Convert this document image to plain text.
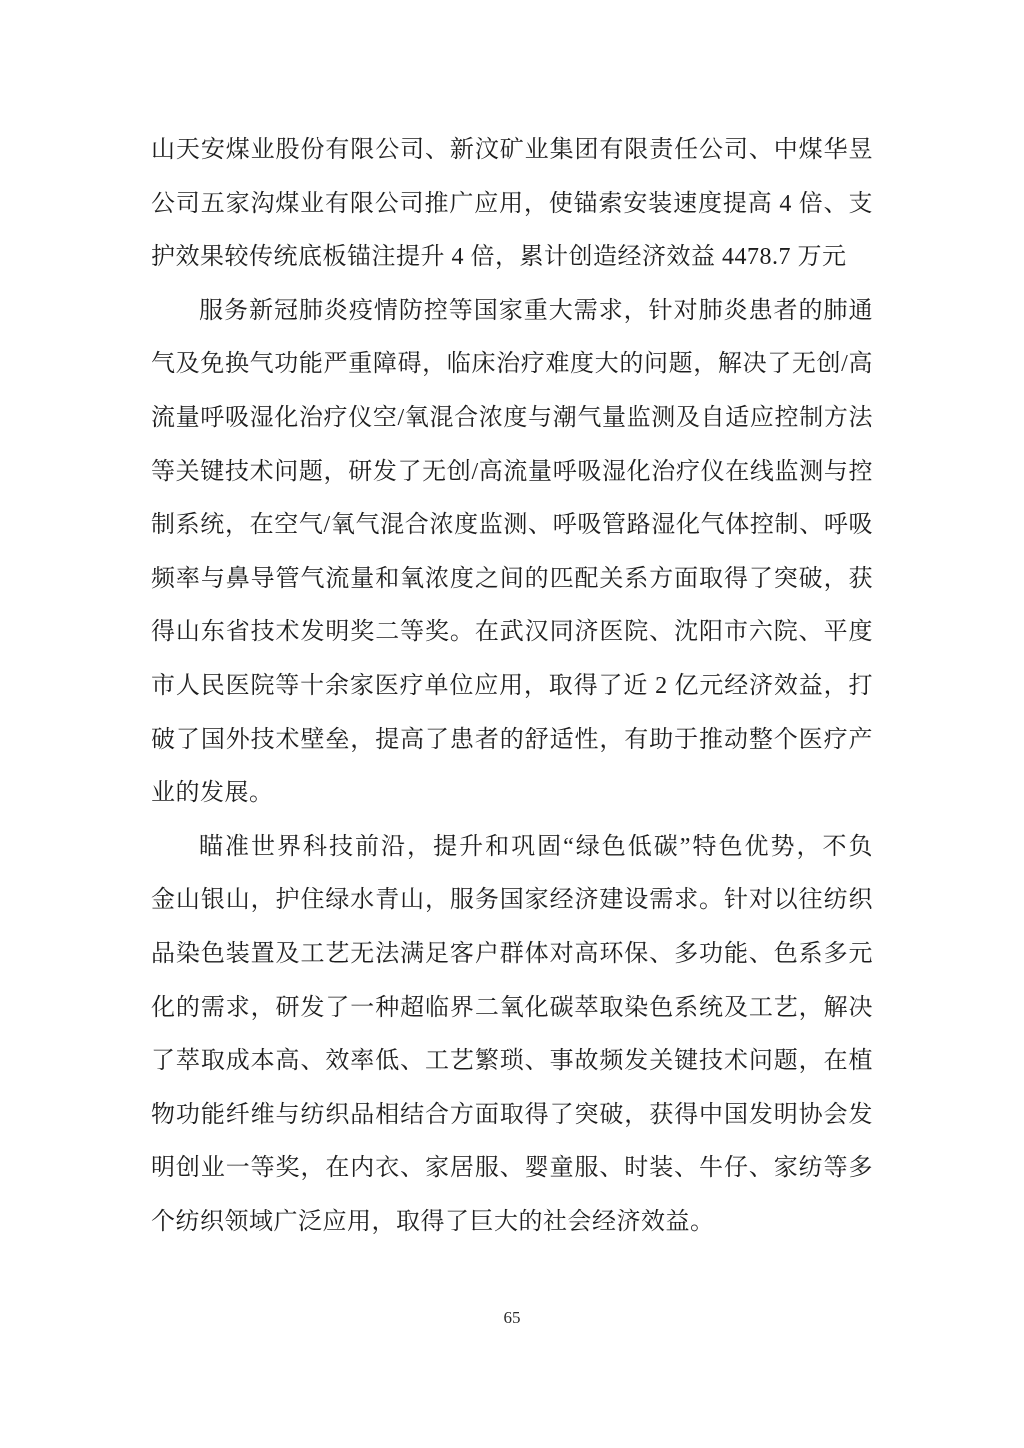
山天安煤业股份有限公司、新汶矿业集团有限责任公司、中煤华昱
公司五家沟煤业有限公司推广应用，使锚索安装速度提高 4 倍、支
护效果较传统底板锚注提升 4 倍，累计创造经济效益 4478.7 万元
服务新冠肺炎疫情防控等国家重大需求，针对肺炎患者的肺通
气及免换气功能严重障碍，临床治疗难度大的问题，解决了无创/高
流量呼吸湿化治疗仪空/氧混合浓度与潮气量监测及自适应控制方法
等关键技术问题，研发了无创/高流量呼吸湿化治疗仪在线监测与控
制系统，在空气/氧气混合浓度监测、呼吸管路湿化气体控制、呼吸
频率与鼻导管气流量和氧浓度之间的匹配关系方面取得了突破，获
得山东省技术发明奖二等奖。在武汉同济医院、沈阳市六院、平度
市人民医院等十余家医疗单位应用，取得了近 2 亿元经济效益，打
破了国外技术壁垒，提高了患者的舒适性，有助于推动整个医疗产
业的发展。
瞄准世界科技前沿，提升和巩固“绿色低碳”特色优势，不负
金山银山，护住绿水青山，服务国家经济建设需求。针对以往纺织
品染色装置及工艺无法满足客户群体对高环保、多功能、色系多元
化的需求，研发了一种超临界二氧化碳萃取染色系统及工艺，解决
了萃取成本高、效率低、工艺繁琐、事故频发关键技术问题，在植
物功能纤维与纺织品相结合方面取得了突破，获得中国发明协会发
明创业一等奖，在内衣、家居服、婴童服、时装、牛仔、家纺等多
个纺织领域广泛应用，取得了巨大的社会经济效益。
65
